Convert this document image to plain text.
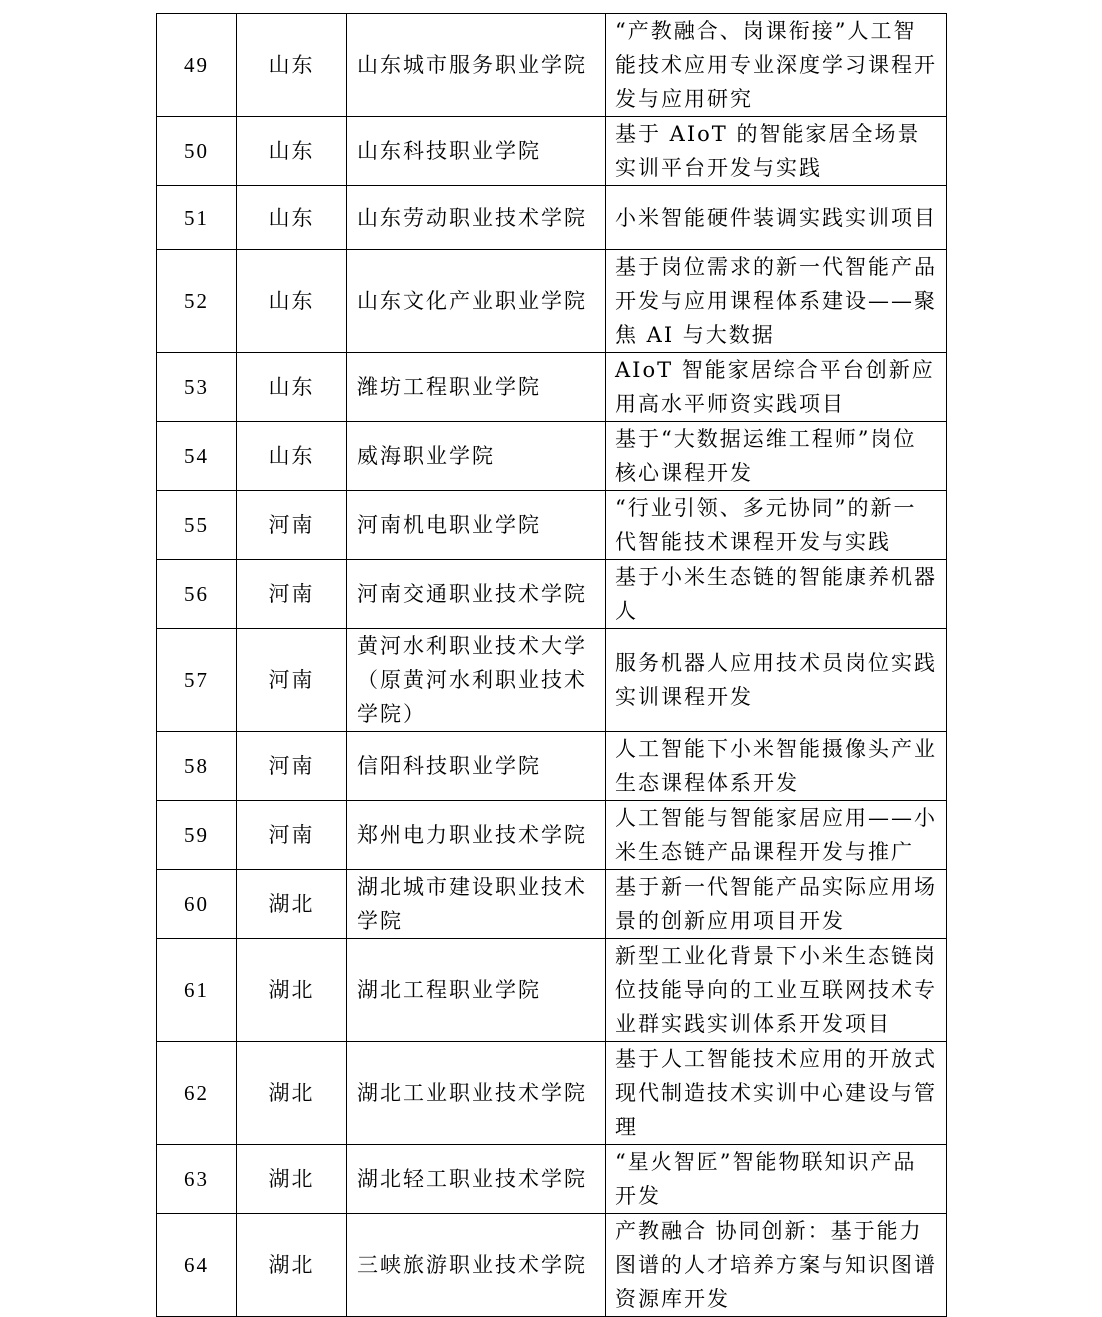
49	山东	山东城市服务职业学院	“产教融合、岗课衔接”人工智能技术应用专业深度学习课程开发与应用研究
50	山东	山东科技职业学院	基于 AIoT 的智能家居全场景实训平台开发与实践
51	山东	山东劳动职业技术学院	小米智能硬件装调实践实训项目
52	山东	山东文化产业职业学院	基于岗位需求的新一代智能产品开发与应用课程体系建设——聚焦 AI 与大数据
53	山东	潍坊工程职业学院	AIoT 智能家居综合平台创新应用高水平师资实践项目
54	山东	威海职业学院	基于“大数据运维工程师”岗位核心课程开发
55	河南	河南机电职业学院	“行业引领、多元协同”的新一代智能技术课程开发与实践
56	河南	河南交通职业技术学院	基于小米生态链的智能康养机器人
57	河南	黄河水利职业技术大学（原黄河水利职业技术学院）	服务机器人应用技术员岗位实践实训课程开发
58	河南	信阳科技职业学院	人工智能下小米智能摄像头产业生态课程体系开发
59	河南	郑州电力职业技术学院	人工智能与智能家居应用——小米生态链产品课程开发与推广
60	湖北	湖北城市建设职业技术学院	基于新一代智能产品实际应用场景的创新应用项目开发
61	湖北	湖北工程职业学院	新型工业化背景下小米生态链岗位技能导向的工业互联网技术专业群实践实训体系开发项目
62	湖北	湖北工业职业技术学院	基于人工智能技术应用的开放式现代制造技术实训中心建设与管理
63	湖北	湖北轻工职业技术学院	“星火智匠”智能物联知识产品开发
64	湖北	三峡旅游职业技术学院	产教融合 协同创新：基于能力图谱的人才培养方案与知识图谱资源库开发
